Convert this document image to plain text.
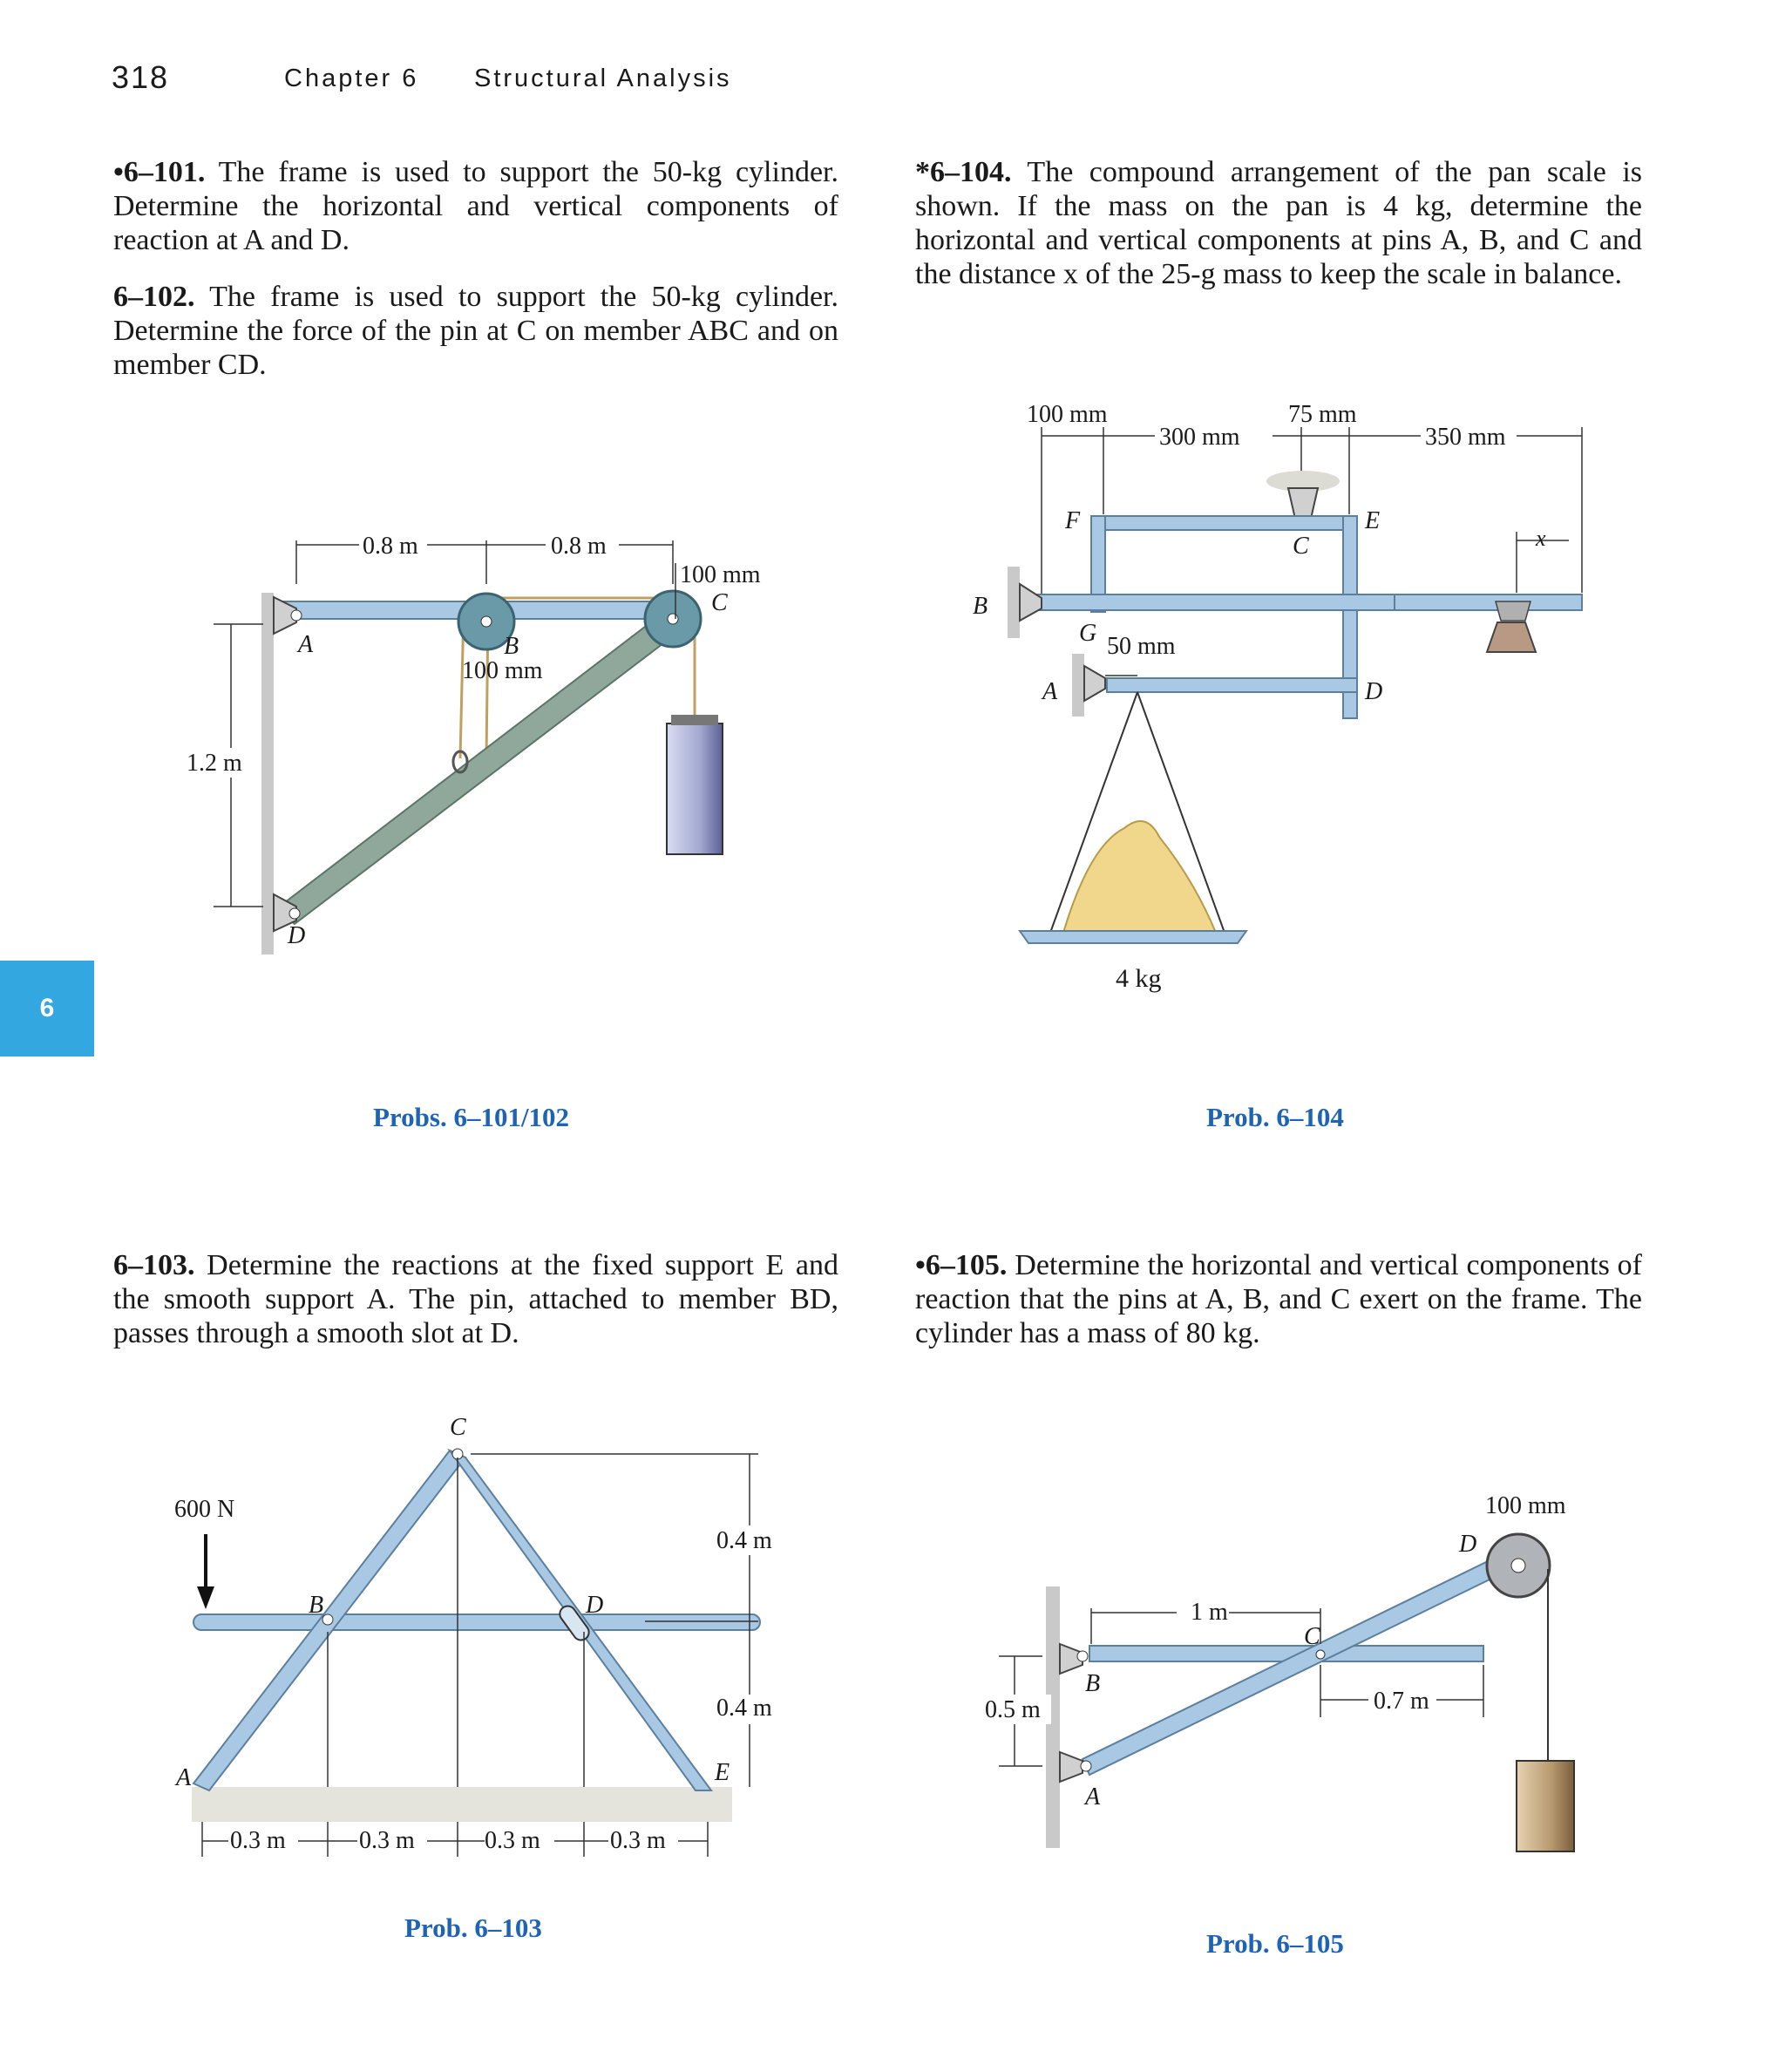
318	Chapter 6 Structural Analysis
6

•6–101. The frame is used to support the 50-kg cylinder. Determine the horizontal and vertical components of reaction at A and D.

6–102. The frame is used to support the 50-kg cylinder. Determine the force of the pin at C on member ABC and on member CD.

*6–104. The compound arrangement of the pan scale is shown. If the mass on the pan is 4 kg, determine the horizontal and vertical components at pins A, B, and C and the distance x of the 25-g mass to keep the scale in balance.

6–103. Determine the reactions at the fixed support E and the smooth support A. The pin, attached to member BD, passes through a smooth slot at D.

•6–105. Determine the horizontal and vertical components of reaction that the pins at A, B, and C exert on the frame. The cylinder has a mass of 80 kg.

Probs. 6–101/102	Prob. 6–104
Prob. 6–103
Prob. 6–105
0.8 m	0.8 m
100 mm
100 mm
1.2 m
A	B
C
D
100 mm
300 mm
75 mm
350 mm
x
50 mm
4 kg
F	E
C
B
G
A	D
600 N
0.4 m
0.4 m
0.3 m	0.3 m	0.3 m	0.3 m
A
B
C
D
E
100 mm
1 m
0.7 m
0.5 m
B
A
C
D
